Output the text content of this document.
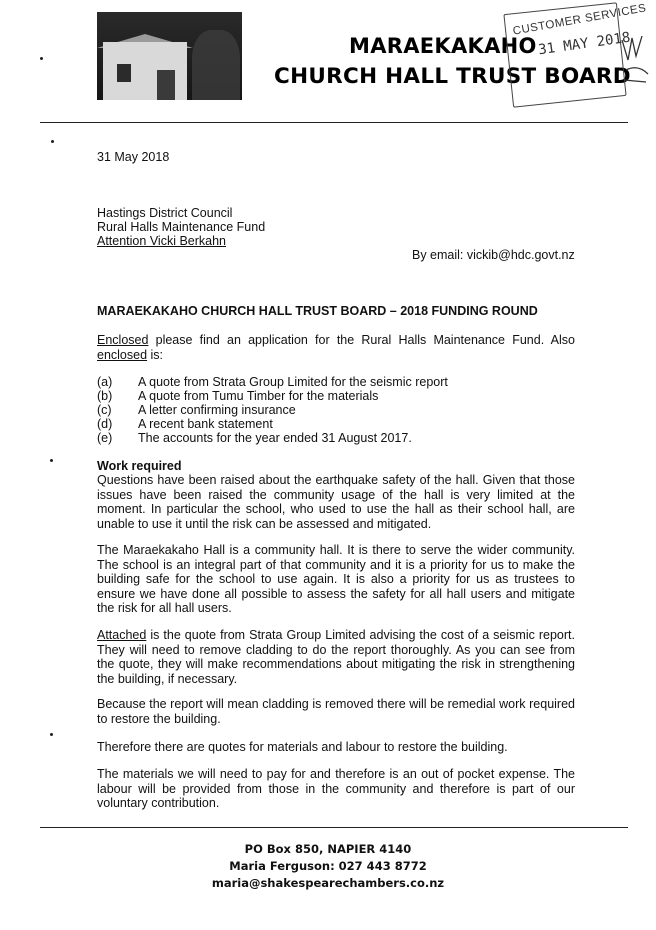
MARAEKAKAHO
CHURCH HALL TRUST BOARD
CUSTOMER SERVICES
31 MAY 2018
31 May 2018
Hastings District Council
Rural Halls Maintenance Fund
Attention Vicki Berkahn
By email: vickib@hdc.govt.nz
MARAEKAKAHO CHURCH HALL TRUST BOARD – 2018 FUNDING ROUND
Enclosed please find an application for the Rural Halls Maintenance Fund. Also enclosed is:
(a) A quote from Strata Group Limited for the seismic report
(b) A quote from Tumu Timber for the materials
(c) A letter confirming insurance
(d) A recent bank statement
(e) The accounts for the year ended 31 August 2017.
Work required
Questions have been raised about the earthquake safety of the hall. Given that those issues have been raised the community usage of the hall is very limited at the moment. In particular the school, who used to use the hall as their school hall, are unable to use it until the risk can be assessed and mitigated.
The Maraekakaho Hall is a community hall. It is there to serve the wider community. The school is an integral part of that community and it is a priority for us to make the building safe for the school to use again. It is also a priority for us as trustees to ensure we have done all possible to assess the safety for all hall users and mitigate the risk for all hall users.
Attached is the quote from Strata Group Limited advising the cost of a seismic report. They will need to remove cladding to do the report thoroughly. As you can see from the quote, they will make recommendations about mitigating the risk in strengthening the building, if necessary.
Because the report will mean cladding is removed there will be remedial work required to restore the building.
Therefore there are quotes for materials and labour to restore the building.
The materials we will need to pay for and therefore is an out of pocket expense. The labour will be provided from those in the community and therefore is part of our voluntary contribution.
PO Box 850, NAPIER 4140
Maria Ferguson: 027 443 8772
maria@shakespearechambers.co.nz
